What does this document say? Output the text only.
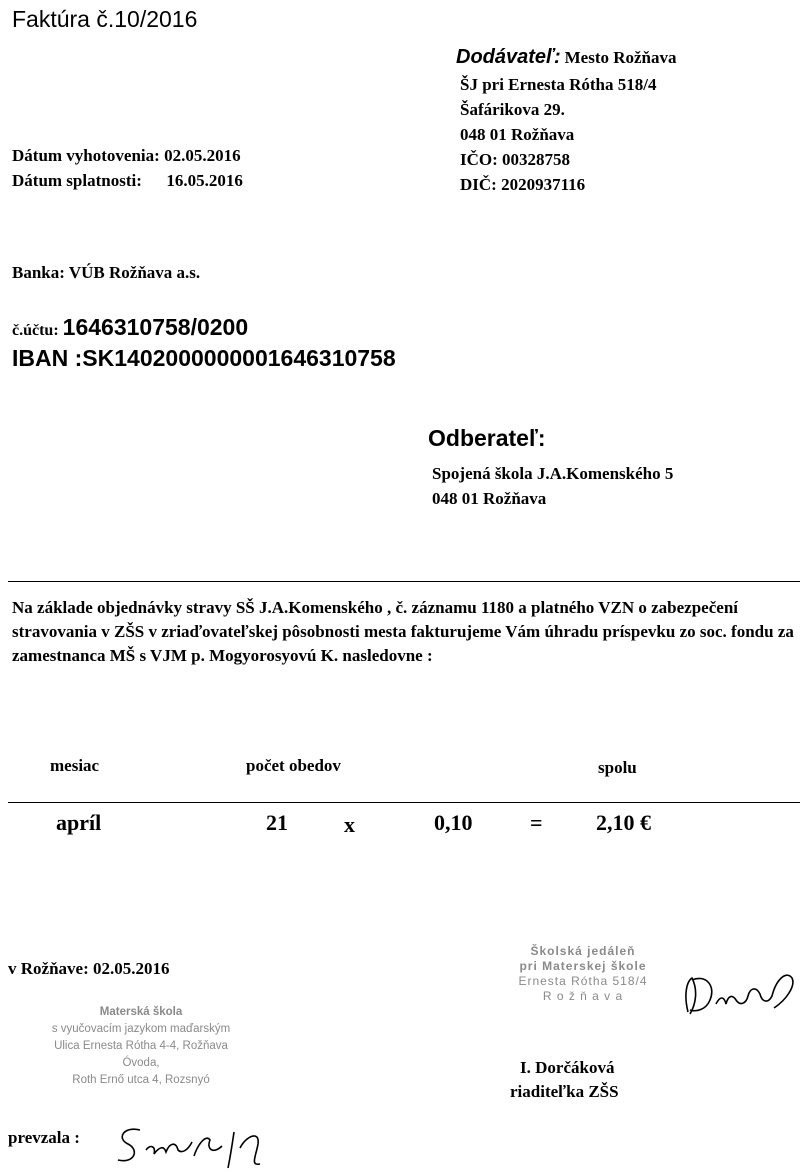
Faktúra č.10/2016
Dodávateľ: Mesto Rožňava
ŠJ pri Ernesta Rótha 518/4
Šafárikova 29.
048 01 Rožňava
IČO: 00328758
DIČ: 2020937116
Dátum vyhotovenia: 02.05.2016
Dátum splatnosti: 16.05.2016
Banka: VÚB Rožňava a.s.
č.účtu: 1646310758/0200
IBAN :SK1402000000001646310758
Odberateľ:
Spojená škola J.A.Komenského 5
048 01 Rožňava
Na základe objednávky stravy SŠ J.A.Komenského , č. záznamu 1180 a platného VZN o zabezpečení stravovania v ZŠS v zriaďovateľskej pôsobnosti mesta fakturujeme Vám úhradu príspevku zo soc. fondu za zamestnanca MŠ s VJM p. Mogyorosyovú K. nasledovne :
mesiac	počet obedov	spolu
apríl	21	x	0,10	= 2,10 €
v Rožňave: 02.05.2016
Školská jedáleň
pri Materskej škole
Ernesta Rótha 518/4
R o ž ň a v a
I. Dorčáková
riaditeľka ZŠS
Materská škola
s vyučovacím jazykom maďarským
Ulica Ernesta Rótha 4-4, Rožňava
Óvoda,
Roth Ernő utca 4, Rozsnyó
prevzala :
